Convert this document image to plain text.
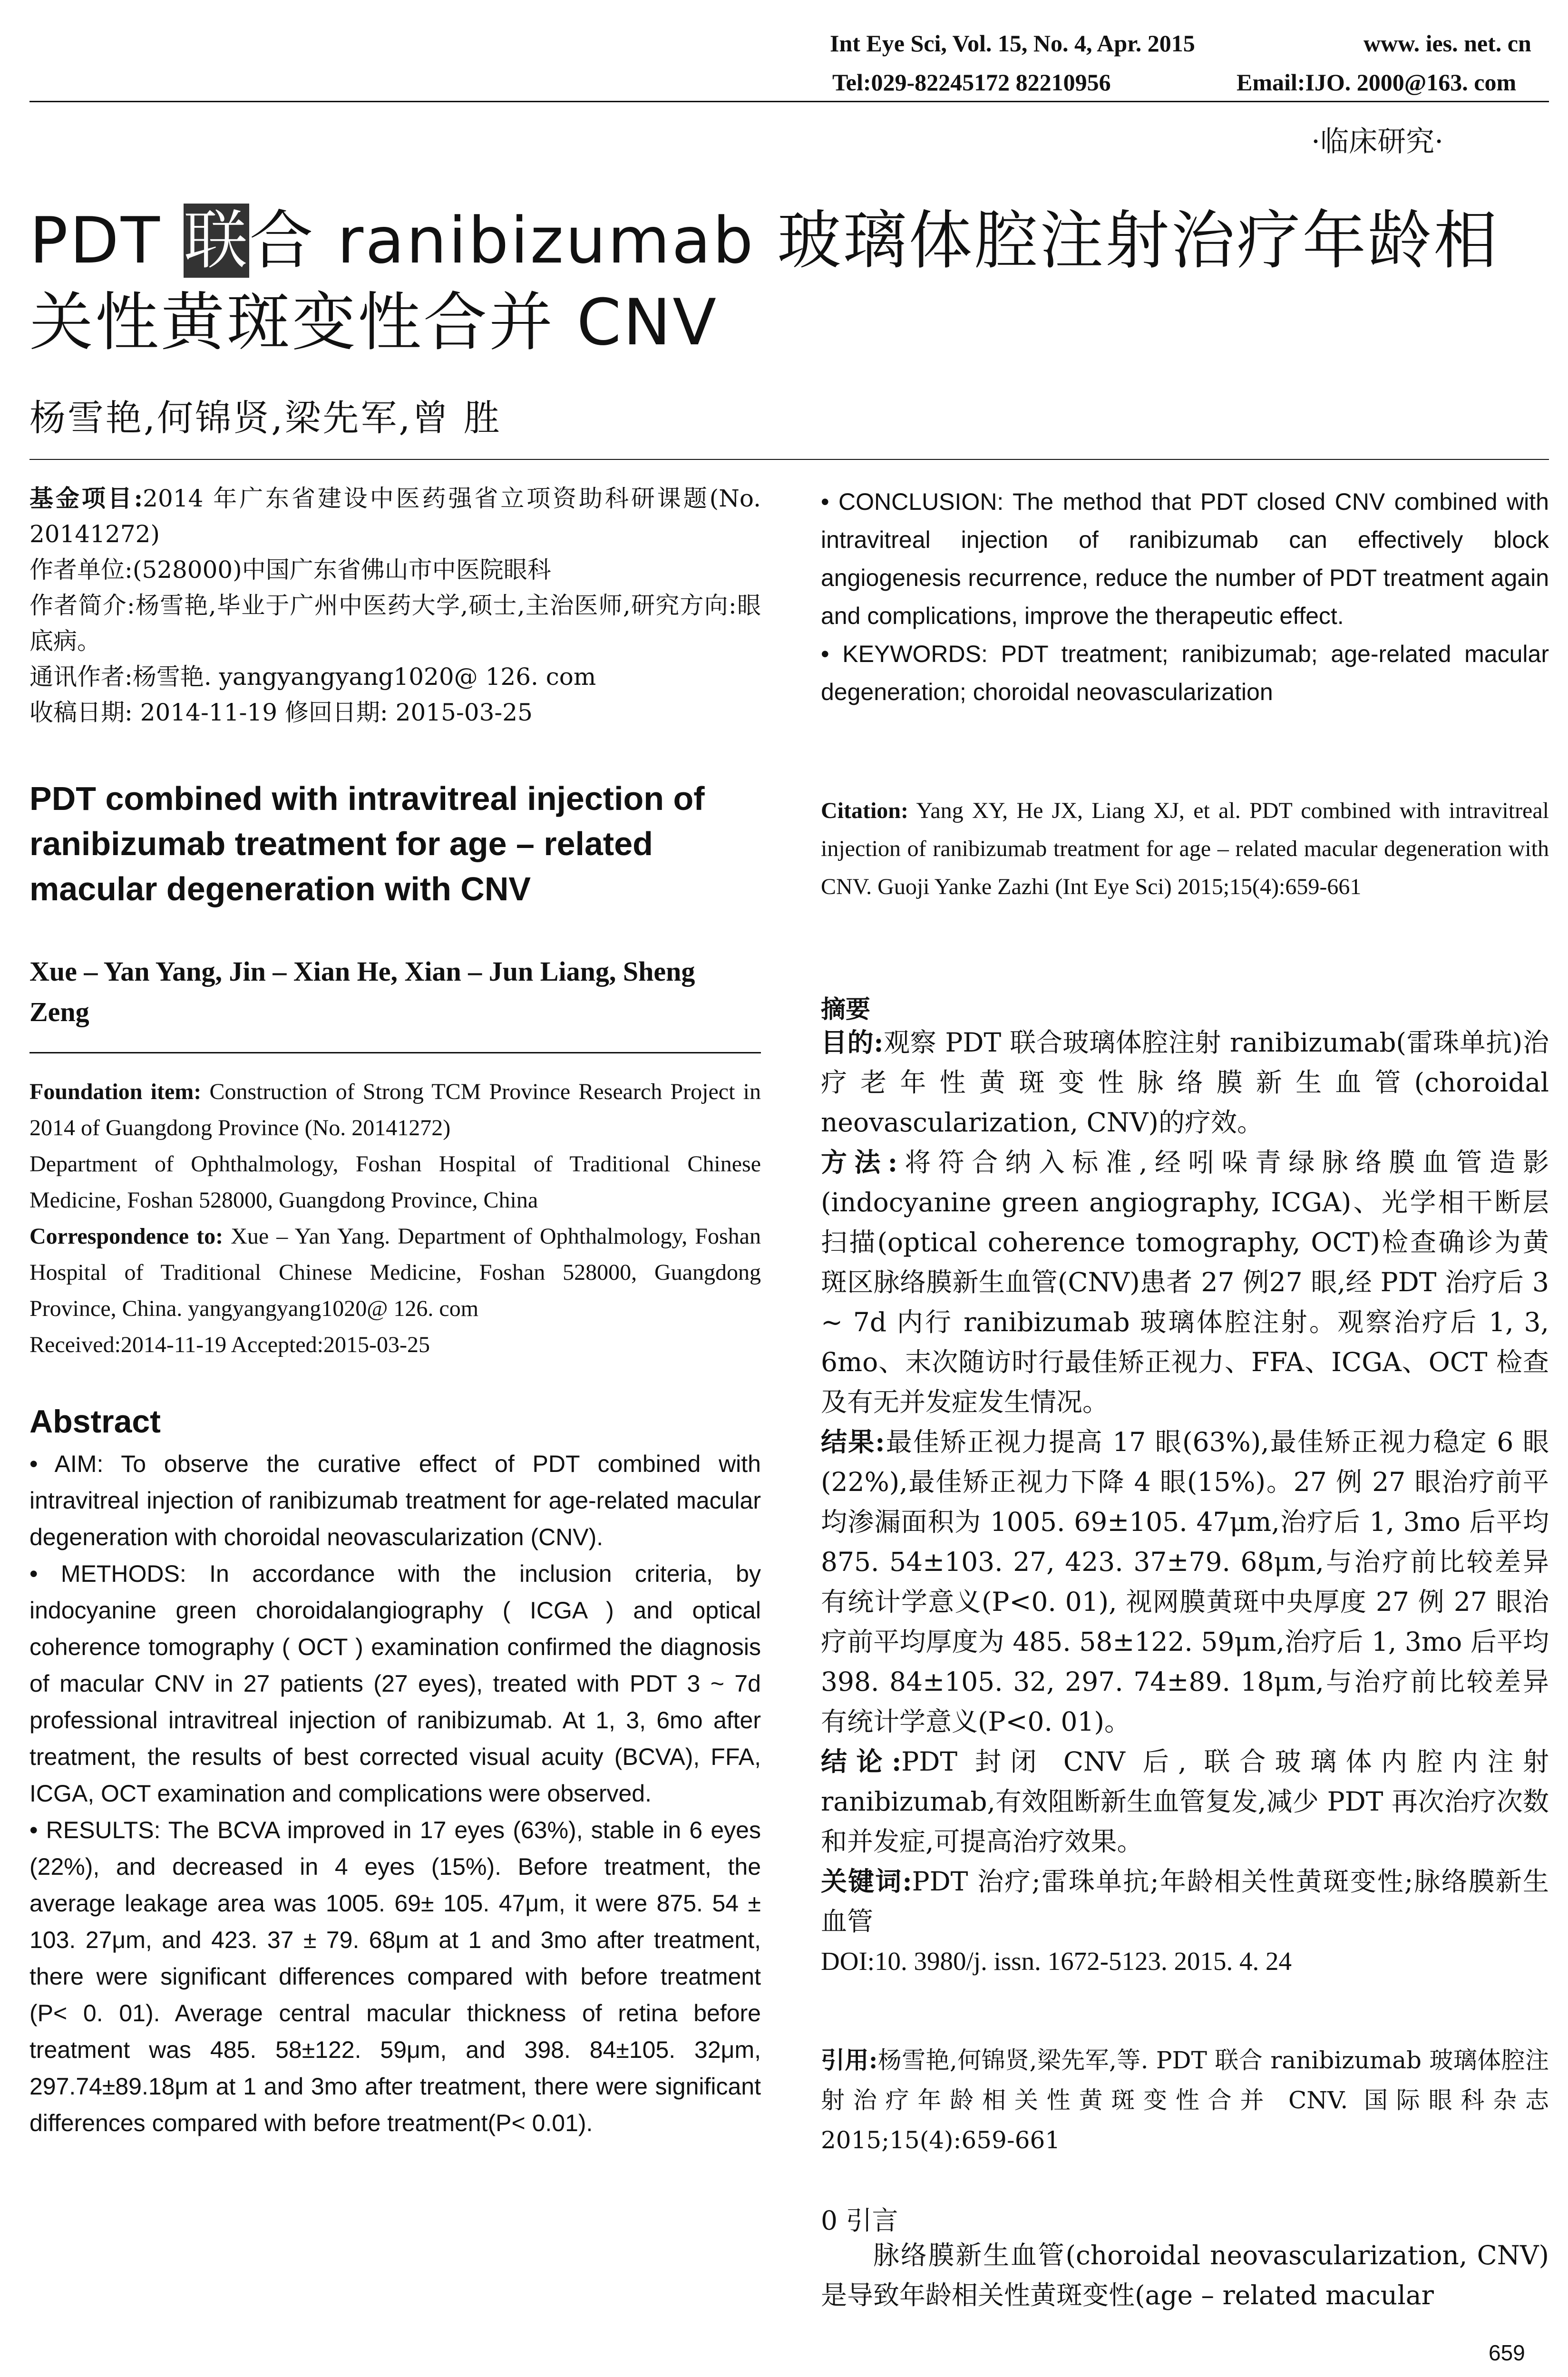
Int Eye Sci, Vol. 15, No. 4, Apr. 2015	www. ies. net. cn
Tel:029-82245172 82210956	Email:IJO. 2000@163. com
·临床研究·
PDT 联合 ranibizumab 玻璃体腔注射治疗年龄相关性黄斑变性合并 CNV
杨雪艳,何锦贤,梁先军,曾 胜

基金项目:2014 年广东省建设中医药强省立项资助科研课题(No. 20141272)

作者单位:(528000)中国广东省佛山市中医院眼科

作者简介:杨雪艳,毕业于广州中医药大学,硕士,主治医师,研究方向:眼底病。

通讯作者:杨雪艳. yangyangyang1020@ 126. com

收稿日期: 2014-11-19 修回日期: 2015-03-25

PDT combined with intravitreal injection of ranibizumab treatment for age – related macular degeneration with CNV
Xue – Yan Yang, Jin – Xian He, Xian – Jun Liang, Sheng Zeng

Foundation item: Construction of Strong TCM Province Research Project in 2014 of Guangdong Province (No. 20141272)

Department of Ophthalmology, Foshan Hospital of Traditional Chinese Medicine, Foshan 528000, Guangdong Province, China

Correspondence to: Xue – Yan Yang. Department of Ophthalmology, Foshan Hospital of Traditional Chinese Medicine, Foshan 528000, Guangdong Province, China. yangyangyang1020@ 126. com

Received:2014-11-19 Accepted:2015-03-25

Abstract

• AIM: To observe the curative effect of PDT combined with intravitreal injection of ranibizumab treatment for age-related macular degeneration with choroidal neovascularization (CNV).

• METHODS: In accordance with the inclusion criteria, by indocyanine green choroidalangiography ( ICGA ) and optical coherence tomography ( OCT ) examination confirmed the diagnosis of macular CNV in 27 patients (27 eyes), treated with PDT 3 ~ 7d professional intravitreal injection of ranibizumab. At 1, 3, 6mo after treatment, the results of best corrected visual acuity (BCVA), FFA, ICGA, OCT examination and complications were observed.

• RESULTS: The BCVA improved in 17 eyes (63%), stable in 6 eyes (22%), and decreased in 4 eyes (15%). Before treatment, the average leakage area was 1005. 69± 105. 47μm, it were 875. 54 ± 103. 27μm, and 423. 37 ± 79. 68μm at 1 and 3mo after treatment, there were significant differences compared with before treatment (P< 0. 01). Average central macular thickness of retina before treatment was 485. 58±122. 59μm, and 398. 84±105. 32μm, 297.74±89.18μm at 1 and 3mo after treatment, there were significant differences compared with before treatment(P< 0.01).

• CONCLUSION: The method that PDT closed CNV combined with intravitreal injection of ranibizumab can effectively block angiogenesis recurrence, reduce the number of PDT treatment again and complications, improve the therapeutic effect.

• KEYWORDS: PDT treatment; ranibizumab; age-related macular degeneration; choroidal neovascularization

Citation: Yang XY, He JX, Liang XJ, et al. PDT combined with intravitreal injection of ranibizumab treatment for age – related macular degeneration with CNV. Guoji Yanke Zazhi (Int Eye Sci) 2015;15(4):659-661
摘要

目的:观察 PDT 联合玻璃体腔注射 ranibizumab(雷珠单抗)治疗老年性黄斑变性脉络膜新生血管(choroidal neovascularization, CNV)的疗效。

方法:将符合纳入标准,经吲哚青绿脉络膜血管造影(indocyanine green angiography, ICGA)、光学相干断层扫描(optical coherence tomography, OCT)检查确诊为黄斑区脉络膜新生血管(CNV)患者 27 例27 眼,经 PDT 治疗后 3 ~ 7d 内行 ranibizumab 玻璃体腔注射。观察治疗后 1, 3, 6mo、末次随访时行最佳矫正视力、FFA、ICGA、OCT 检查及有无并发症发生情况。

结果:最佳矫正视力提高 17 眼(63%),最佳矫正视力稳定 6 眼(22%),最佳矫正视力下降 4 眼(15%)。27 例 27 眼治疗前平均渗漏面积为 1005. 69±105. 47μm,治疗后 1, 3mo 后平均 875. 54±103. 27, 423. 37±79. 68μm,与治疗前比较差异有统计学意义(P<0. 01), 视网膜黄斑中央厚度 27 例 27 眼治疗前平均厚度为 485. 58±122. 59μm,治疗后 1, 3mo 后平均 398. 84±105. 32, 297. 74±89. 18μm,与治疗前比较差异有统计学意义(P<0. 01)。

结论:PDT 封闭 CNV 后, 联合玻璃体内腔内注射 ranibizumab,有效阻断新生血管复发,减少 PDT 再次治疗次数和并发症,可提高治疗效果。

关键词:PDT 治疗;雷珠单抗;年龄相关性黄斑变性;脉络膜新生血管

DOI:10. 3980/j. issn. 1672-5123. 2015. 4. 24

引用:杨雪艳,何锦贤,梁先军,等. PDT 联合 ranibizumab 玻璃体腔注射治疗年龄相关性黄斑变性合并 CNV. 国际眼科杂志 2015;15(4):659-661
0 引言
脉络膜新生血管(choroidal neovascularization, CNV)是导致年龄相关性黄斑变性(age – related macular
659
